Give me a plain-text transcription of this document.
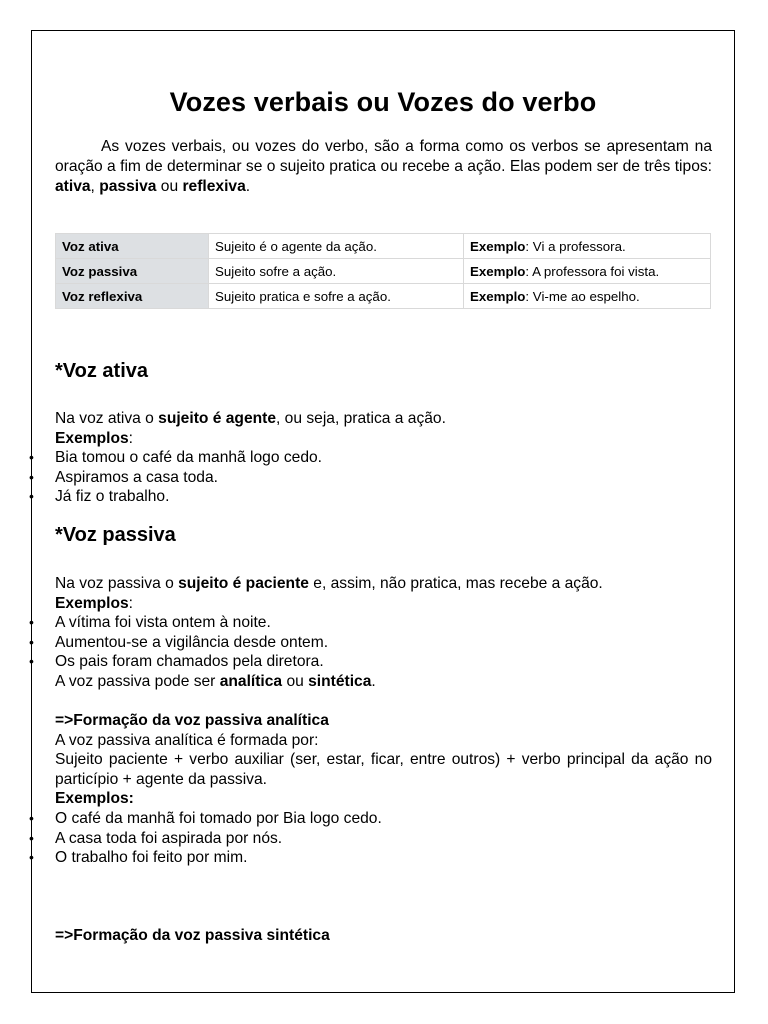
Vozes verbais ou Vozes do verbo

As vozes verbais, ou vozes do verbo, são a forma como os verbos se apresentam na oração a fim de determinar se o sujeito pratica ou recebe a ação. Elas podem ser de três tipos: ativa, passiva ou reflexiva.

Voz ativa	Sujeito é o agente da ação.	Exemplo: Vi a professora.
Voz passiva	Sujeito sofre a ação.	Exemplo: A professora foi vista.
Voz reflexiva	Sujeito pratica e sofre a ação.	Exemplo: Vi-me ao espelho.
*Voz ativa

Na voz ativa o sujeito é agente, ou seja, pratica a ação.

Exemplos:

• Bia tomou o café da manhã logo cedo.
• Aspiramos a casa toda.
• Já fiz o trabalho.
*Voz passiva

Na voz passiva o sujeito é paciente e, assim, não pratica, mas recebe a ação.

Exemplos:

• A vítima foi vista ontem à noite.
• Aumentou-se a vigilância desde ontem.
• Os pais foram chamados pela diretora.

A voz passiva pode ser analítica ou sintética.

=>Formação da voz passiva analítica

A voz passiva analítica é formada por:

Sujeito paciente + verbo auxiliar (ser, estar, ficar, entre outros) + verbo principal da ação no particípio + agente da passiva.

Exemplos:

• O café da manhã foi tomado por Bia logo cedo.
• A casa toda foi aspirada por nós.
• O trabalho foi feito por mim.

=>Formação da voz passiva sintética
